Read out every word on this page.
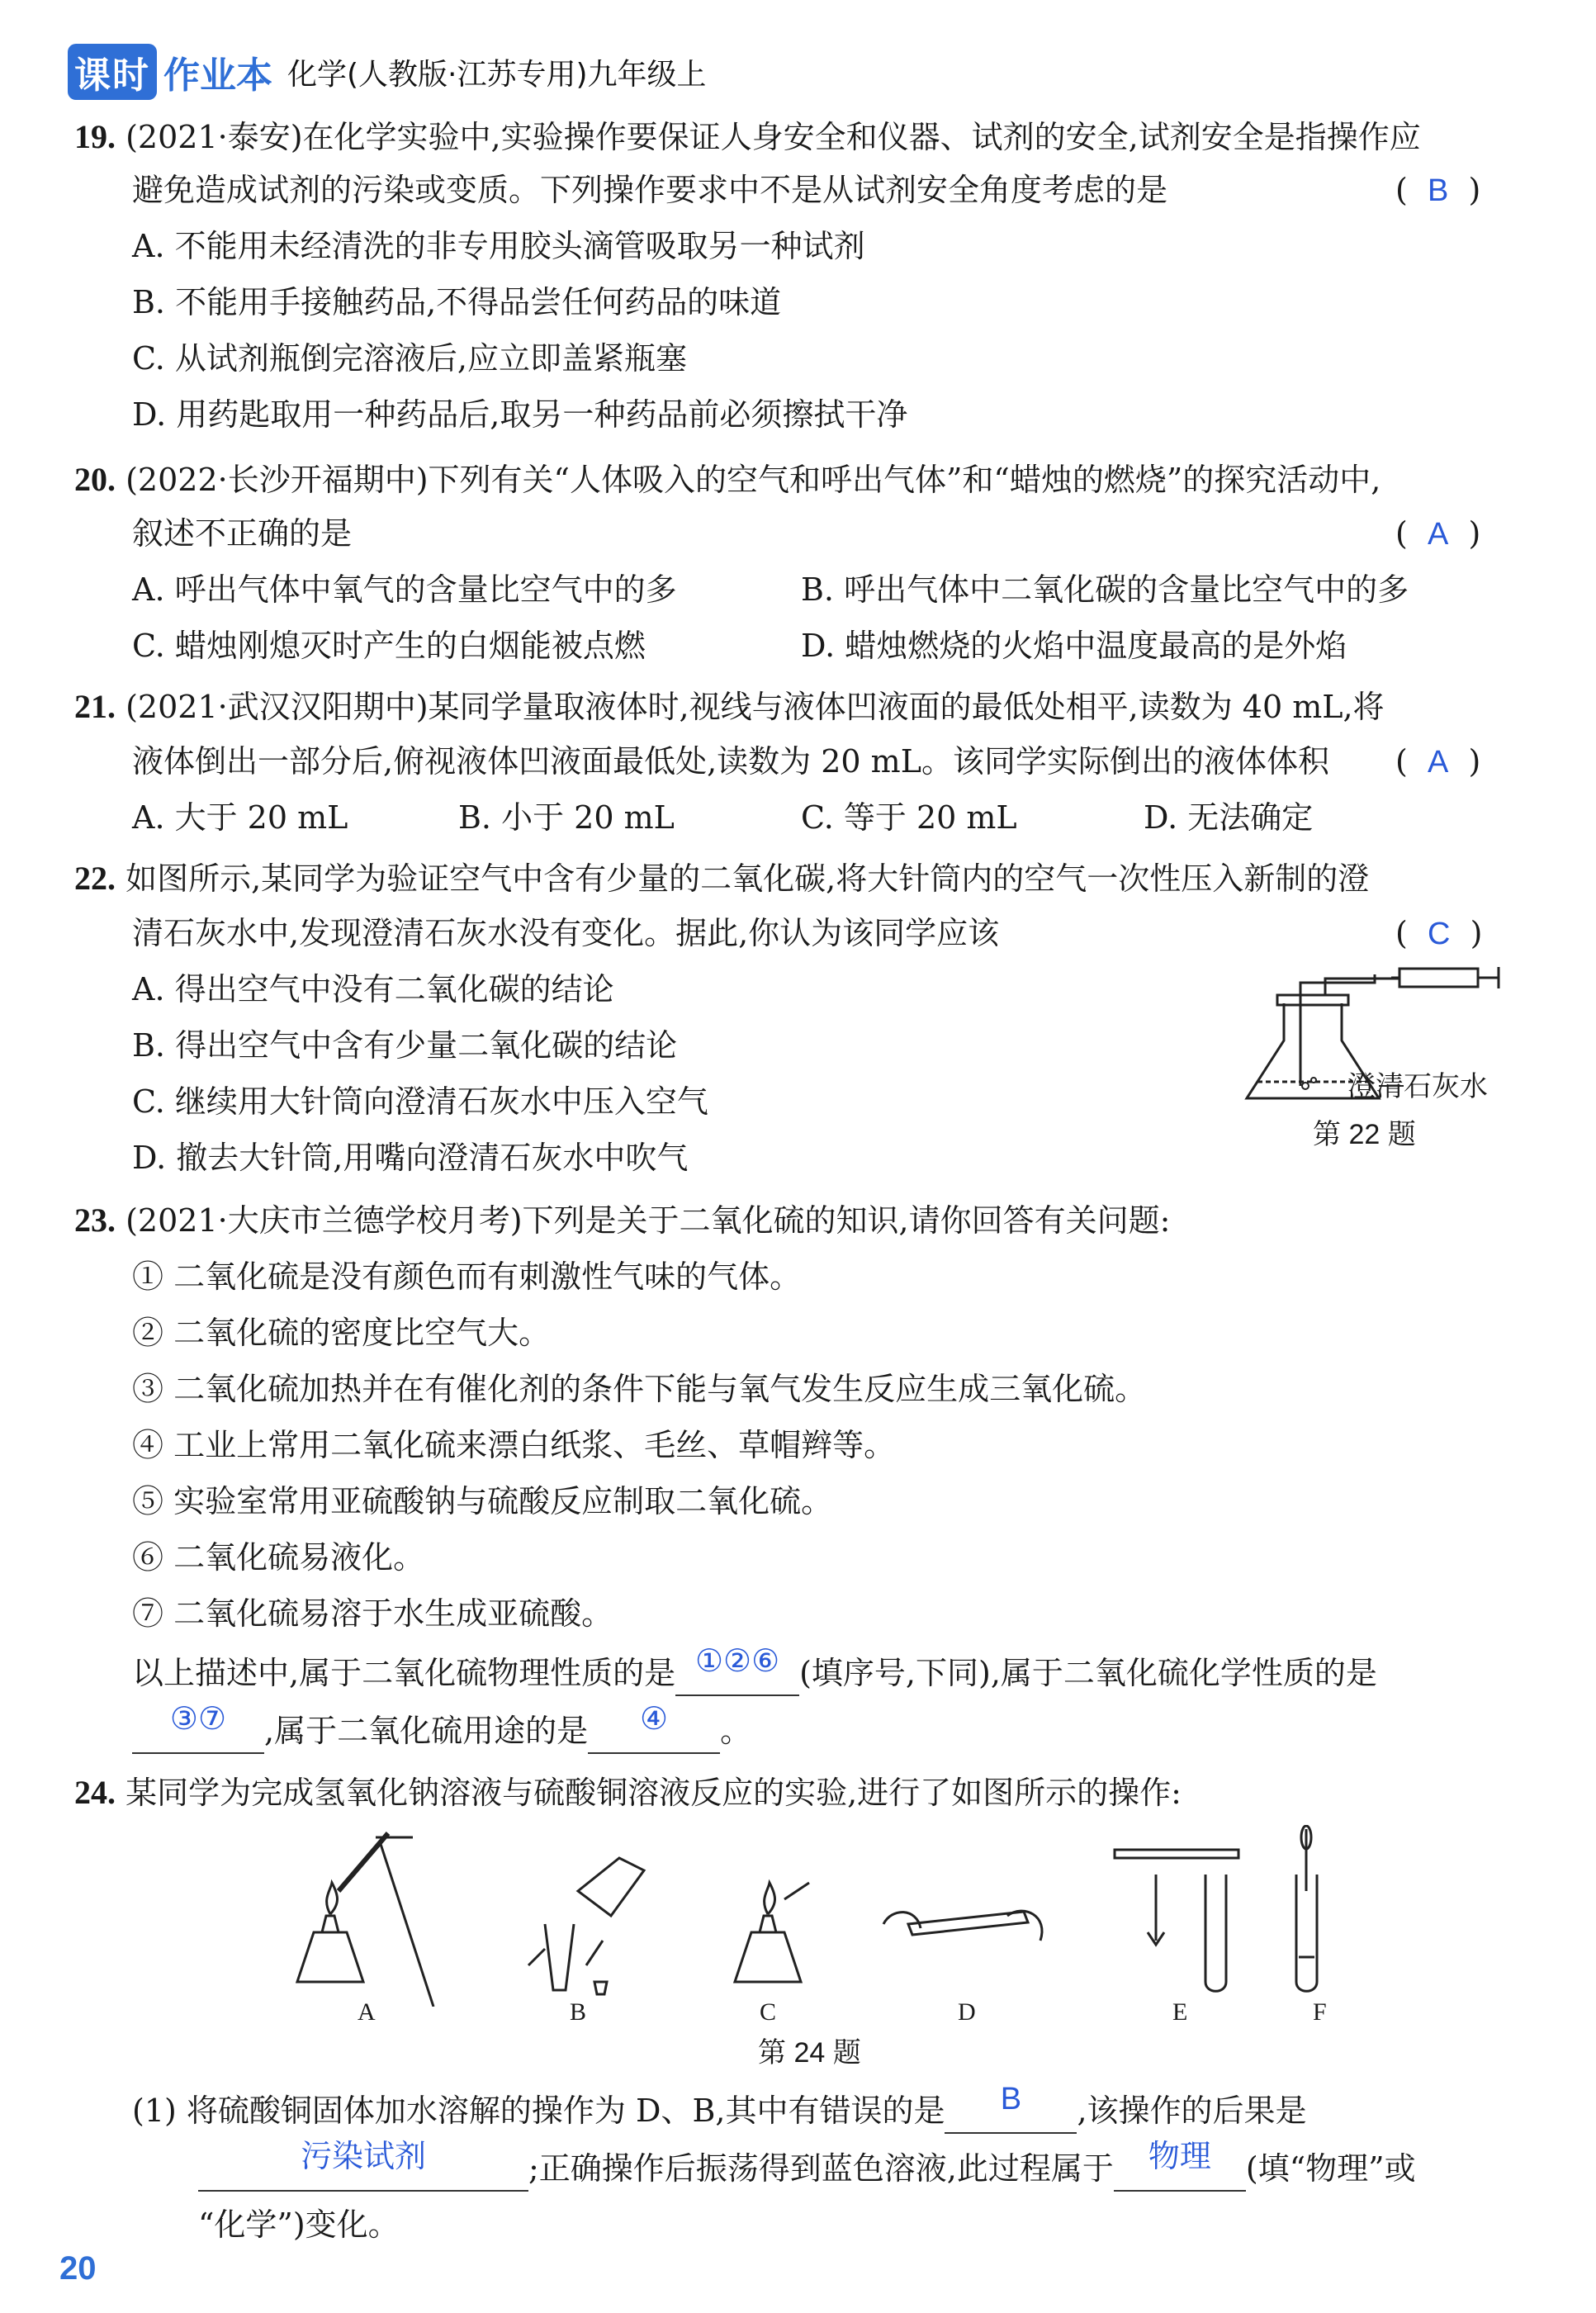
课时 作业本 化学(人教版·江苏专用)九年级上
19. (2021·泰安)在化学实验中,实验操作要保证人身安全和仪器、试剂的安全,试剂安全是指操作应
避免造成试剂的污染或变质。下列操作要求中不是从试剂安全角度考虑的是	(  B  )
A. 不能用未经清洗的非专用胶头滴管吸取另一种试剂
B. 不能用手接触药品,不得品尝任何药品的味道
C. 从试剂瓶倒完溶液后,应立即盖紧瓶塞
D. 用药匙取用一种药品后,取另一种药品前必须擦拭干净
20. (2022·长沙开福期中)下列有关“人体吸入的空气和呼出气体”和“蜡烛的燃烧”的探究活动中,
叙述不正确的是	(  A  )
A. 呼出气体中氧气的含量比空气中的多	B. 呼出气体中二氧化碳的含量比空气中的多
C. 蜡烛刚熄灭时产生的白烟能被点燃	D. 蜡烛燃烧的火焰中温度最高的是外焰
21. (2021·武汉汉阳期中)某同学量取液体时,视线与液体凹液面的最低处相平,读数为 40 mL,将
液体倒出一部分后,俯视液体凹液面最低处,读数为 20 mL。该同学实际倒出的液体体积 (  A  )
A. 大于 20 mL	B. 小于 20 mL	C. 等于 20 mL	D. 无法确定
22. 如图所示,某同学为验证空气中含有少量的二氧化碳,将大针筒内的空气一次性压入新制的澄
清石灰水中,发现澄清石灰水没有变化。据此,你认为该同学应该	(  C  )
A. 得出空气中没有二氧化碳的结论
B. 得出空气中含有少量二氧化碳的结论
C. 继续用大针筒向澄清石灰水中压入空气
D. 撤去大针筒,用嘴向澄清石灰水中吹气
澄清石灰水
第 22 题
23. (2021·大庆市兰德学校月考)下列是关于二氧化硫的知识,请你回答有关问题:
① 二氧化硫是没有颜色而有刺激性气味的气体。
② 二氧化硫的密度比空气大。
③ 二氧化硫加热并在有催化剂的条件下能与氧气发生反应生成三氧化硫。
④ 工业上常用二氧化硫来漂白纸浆、毛丝、草帽辫等。
⑤ 实验室常用亚硫酸钠与硫酸反应制取二氧化硫。
⑥ 二氧化硫易液化。
⑦ 二氧化硫易溶于水生成亚硫酸。
以上描述中,属于二氧化硫物理性质的是 ①②⑥ (填序号,下同),属于二氧化硫化学性质的是
③⑦	,属于二氧化硫用途的是	④	。
24. 某同学为完成氢氧化钠溶液与硫酸铜溶液反应的实验,进行了如图所示的操作:
A	B	C	D	E	F
第 24 题
(1) 将硫酸铜固体加水溶解的操作为 D、B,其中有错误的是	B	,该操作的后果是
污染试剂	;正确操作后振荡得到蓝色溶液,此过程属于	物理	(填“物理”或
“化学”)变化。
20
